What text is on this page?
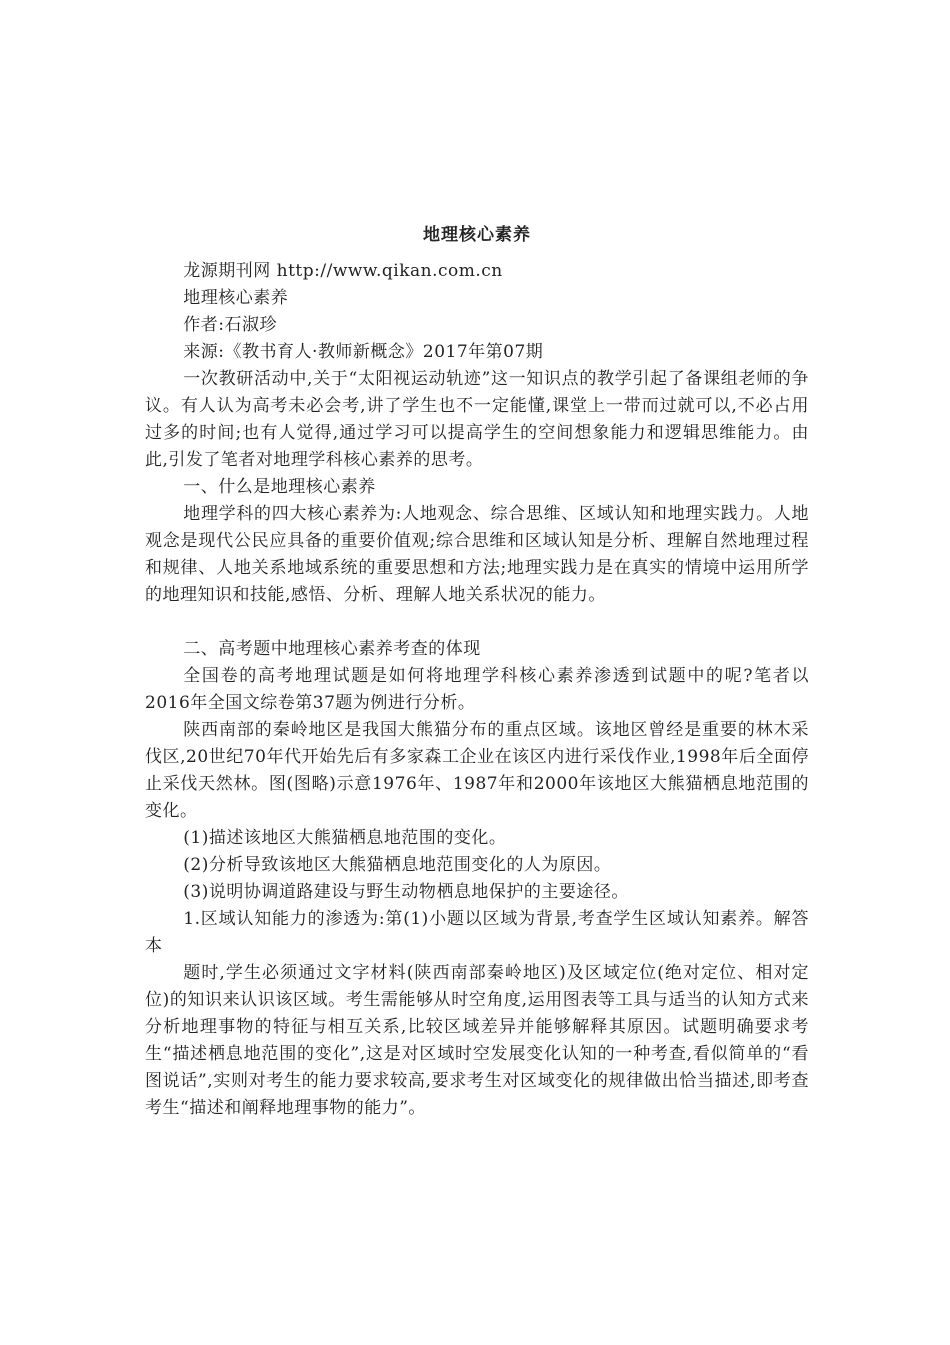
地理核心素养

龙源期刊网 http://www.qikan.com.cn

地理核心素养

作者:石淑珍

来源:《教书育人·教师新概念》2017年第07期

一次教研活动中,关于“太阳视运动轨迹”这一知识点的教学引起了备课组老师的争议。有人认为高考未必会考,讲了学生也不一定能懂,课堂上一带而过就可以,不必占用过多的时间;也有人觉得,通过学习可以提高学生的空间想象能力和逻辑思维能力。由此,引发了笔者对地理学科核心素养的思考。

一、什么是地理核心素养

地理学科的四大核心素养为:人地观念、综合思维、区域认知和地理实践力。人地观念是现代公民应具备的重要价值观;综合思维和区域认知是分析、理解自然地理过程和规律、人地关系地域系统的重要思想和方法;地理实践力是在真实的情境中运用所学的地理知识和技能,感悟、分析、理解人地关系状况的能力。

二、高考题中地理核心素养考查的体现

全国卷的高考地理试题是如何将地理学科核心素养渗透到试题中的呢?笔者以2016年全国文综卷第37题为例进行分析。

陕西南部的秦岭地区是我国大熊猫分布的重点区域。该地区曾经是重要的林木采伐区,20世纪70年代开始先后有多家森工企业在该区内进行采伐作业,1998年后全面停止采伐天然林。图(图略)示意1976年、1987年和2000年该地区大熊猫栖息地范围的变化。

(1)描述该地区大熊猫栖息地范围的变化。

(2)分析导致该地区大熊猫栖息地范围变化的人为原因。

(3)说明协调道路建设与野生动物栖息地保护的主要途径。

1.区域认知能力的渗透为:第(1)小题以区域为背景,考查学生区域认知素养。解答本

题时,学生必须通过文字材料(陕西南部秦岭地区)及区域定位(绝对定位、相对定位)的知识来认识该区域。考生需能够从时空角度,运用图表等工具与适当的认知方式来分析地理事物的特征与相互关系,比较区域差异并能够解释其原因。试题明确要求考生“描述栖息地范围的变化”,这是对区域时空发展变化认知的一种考查,看似简单的“看图说话”,实则对考生的能力要求较高,要求考生对区域变化的规律做出恰当描述,即考查考生“描述和阐释地理事物的能力”。
